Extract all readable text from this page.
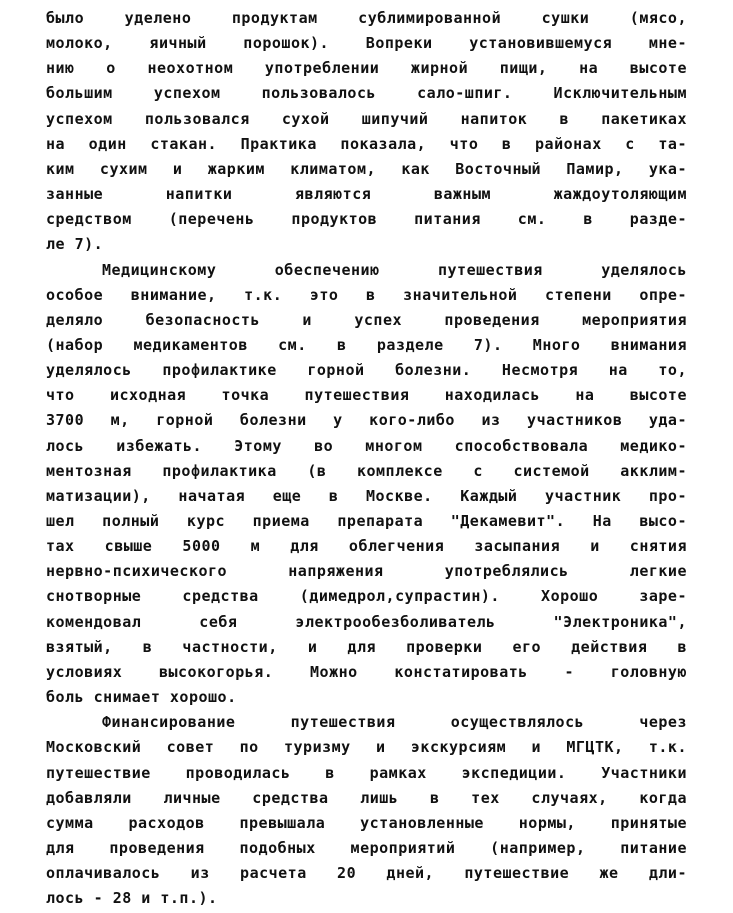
было уделено продуктам сублимированной сушки (мясо,
молоко, яичный порошок). Вопреки установившемуся мне-
нию о неохотном употреблении жирной пищи, на высоте
большим успехом пользовалось сало-шпиг. Исключительным
успехом пользовался сухой шипучий напиток в пакетиках
на один стакан. Практика показала, что в районах с та-
ким сухим и жарким климатом, как Восточный Памир, ука-
занные напитки являются важным жаждоутоляющим
средством (перечень продуктов питания см. в разде-
ле 7).
Медицинскому обеспечению путешествия уделялось
особое внимание, т.к. это в значительной степени опре-
деляло безопасность и успех проведения мероприятия
(набор медикаментов см. в разделе 7). Много внимания
уделялось профилактике горной болезни. Несмотря на то,
что исходная точка путешествия находилась на высоте
3700 м, горной болезни у кого-либо из участников уда-
лось избежать. Этому во многом способствовала медико-
ментозная профилактика (в комплексе с системой акклим-
матизации), начатая еще в Москве. Каждый участник про-
шел полный курс приема препарата "Декамевит". На высо-
тах свыше 5000 м для облегчения засыпания и снятия
нервно-психического напряжения употреблялись легкие
снотворные средства (димедрол,супрастин). Хорошо заре-
комендовал себя электрообезболиватель "Электроника",
взятый, в частности, и для проверки его действия в
условиях высокогорья. Можно констатировать - головную
боль снимает хорошо.
Финансирование путешествия осуществлялось через
Московский совет по туризму и экскурсиям и МГЦТК, т.к.
путешествие проводилась в рамках экспедиции. Участники
добавляли личные средства лишь в тех случаях, когда
сумма расходов превышала установленные нормы, принятые
для проведения подобных мероприятий (например, питание
оплачивалось из расчета 20 дней, путешествие же дли-
лось - 28 и т.п.).
